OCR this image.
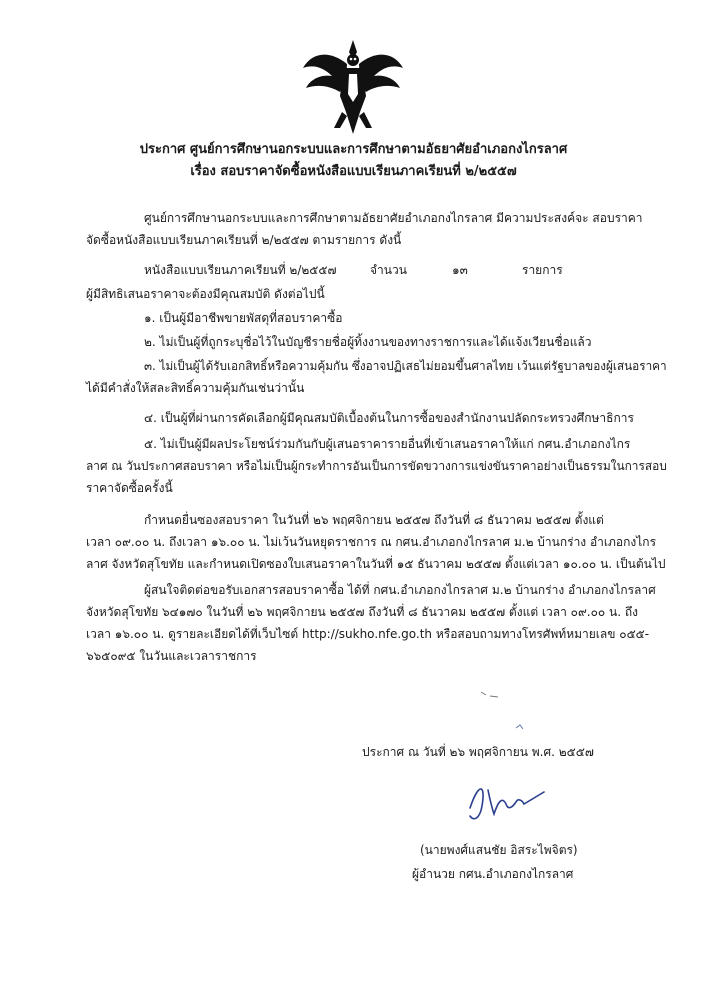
ประกาศ ศูนย์การศึกษานอกระบบและการศึกษาตามอัธยาศัยอำเภอกงไกรลาศ
เรื่อง สอบราคาจัดซื้อหนังสือแบบเรียนภาคเรียนที่ ๒/๒๕๕๗
ศูนย์การศึกษานอกระบบและการศึกษาตามอัธยาศัยอำเภอกงไกรลาศ มีความประสงค์จะ สอบราคา
จัดซื้อหนังสือแบบเรียนภาคเรียนที่ ๒/๒๕๕๗ ตามรายการ ดังนี้
หนังสือแบบเรียนภาคเรียนที่ ๒/๒๕๕๗	จำนวน	๑๓	รายการ
ผู้มีสิทธิเสนอราคาจะต้องมีคุณสมบัติ ดังต่อไปนี้
๑. เป็นผู้มีอาชีพขายพัสดุที่สอบราคาซื้อ
๒. ไม่เป็นผู้ที่ถูกระบุชื่อไว้ในบัญชีรายชื่อผู้ทิ้งงานของทางราชการและได้แจ้งเวียนชื่อแล้ว
๓. ไม่เป็นผู้ได้รับเอกสิทธิ์หรือความคุ้มกัน ซึ่งอาจปฏิเสธไม่ยอมขึ้นศาลไทย เว้นแต่รัฐบาลของผู้เสนอราคา
ได้มีคำสั่งให้สละสิทธิ์ความคุ้มกันเช่นว่านั้น
๔. เป็นผู้ที่ผ่านการคัดเลือกผู้มีคุณสมบัติเบื้องต้นในการซื้อของสำนักงานปลัดกระทรวงศึกษาธิการ
๕. ไม่เป็นผู้มีผลประโยชน์ร่วมกันกับผู้เสนอราคารายอื่นที่เข้าเสนอราคาให้แก่ กศน.อำเภอกงไกร
ลาศ ณ วันประกาศสอบราคา หรือไม่เป็นผู้กระทำการอันเป็นการขัดขวางการแข่งขันราคาอย่างเป็นธรรมในการสอบ
ราคาจัดซื้อครั้งนี้
กำหนดยื่นซองสอบราคา ในวันที่ ๒๖ พฤศจิกายน ๒๕๕๗ ถึงวันที่ ๘ ธันวาคม ๒๕๕๗ ตั้งแต่
เวลา ๐๙.๐๐ น. ถึงเวลา ๑๖.๐๐ น. ไม่เว้นวันหยุดราชการ ณ กศน.อำเภอกงไกรลาศ ม.๒ บ้านกร่าง อำเภอกงไกร
ลาศ จังหวัดสุโขทัย และกำหนดเปิดซองใบเสนอราคาในวันที่ ๑๕ ธันวาคม ๒๕๕๗ ตั้งแต่เวลา ๑๐.๐๐ น. เป็นต้นไป
ผู้สนใจติดต่อขอรับเอกสารสอบราคาซื้อ ได้ที่ กศน.อำเภอกงไกรลาศ ม.๒ บ้านกร่าง อำเภอกงไกรลาศ
จังหวัดสุโขทัย ๖๔๑๗๐ ในวันที่ ๒๖ พฤศจิกายน ๒๕๕๗ ถึงวันที่ ๘ ธันวาคม ๒๕๕๗ ตั้งแต่ เวลา ๐๙.๐๐ น. ถึง
เวลา ๑๖.๐๐ น. ดูรายละเอียดได้ที่เว็บไซต์ http://sukho.nfe.go.th หรือสอบถามทางโทรศัพท์หมายเลข ๐๕๕-
๖๖๕๐๙๕ ในวันและเวลาราชการ
ประกาศ ณ วันที่ ๒๖ พฤศจิกายน พ.ศ. ๒๕๕๗
(นายพงศ์แสนชัย อิสระไพจิตร)
ผู้อำนวย กศน.อำเภอกงไกรลาศ
